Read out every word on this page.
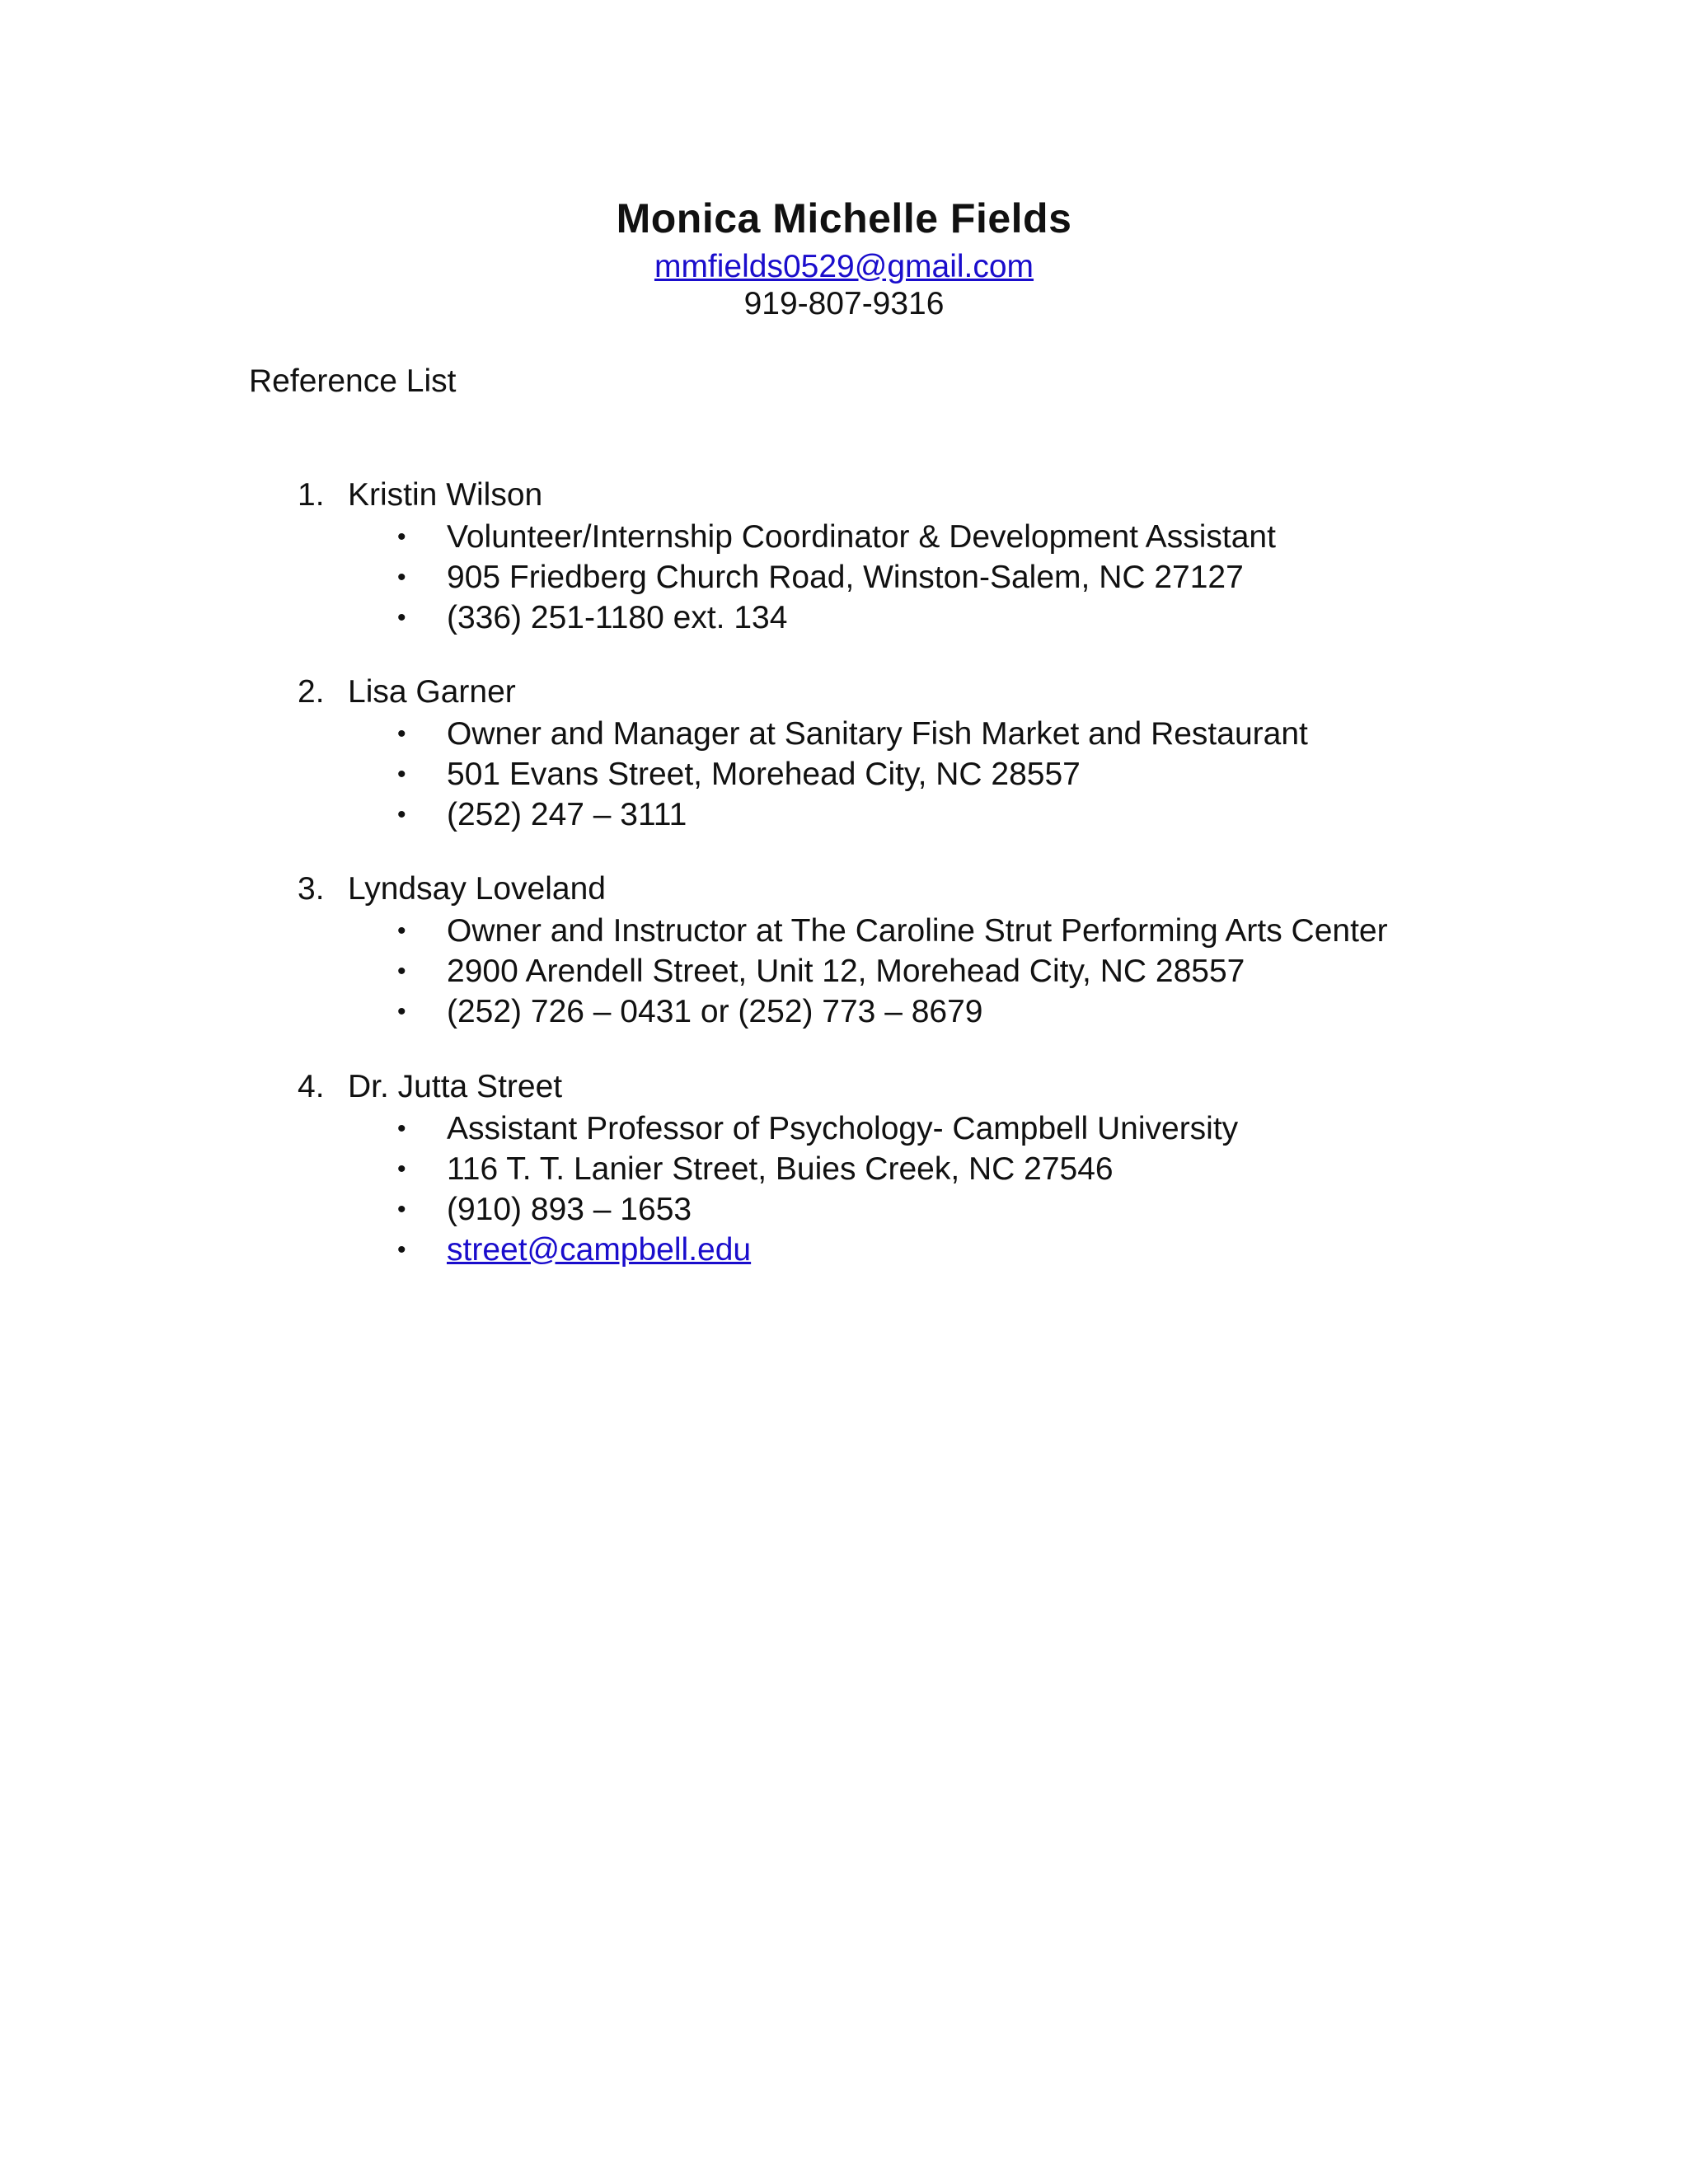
Monica Michelle Fields
mmfields0529@gmail.com
919-807-9316
Reference List
1. Kristin Wilson
• Volunteer/Internship Coordinator & Development Assistant
• 905 Friedberg Church Road, Winston-Salem, NC 27127
• (336) 251-1180 ext. 134
2. Lisa Garner
• Owner and Manager at Sanitary Fish Market and Restaurant
• 501 Evans Street, Morehead City, NC 28557
• (252) 247 – 3111
3. Lyndsay Loveland
• Owner and Instructor at The Caroline Strut Performing Arts Center
• 2900 Arendell Street, Unit 12, Morehead City, NC 28557
• (252) 726 – 0431 or (252) 773 – 8679
4. Dr. Jutta Street
• Assistant Professor of Psychology- Campbell University
• 116 T. T. Lanier Street, Buies Creek, NC 27546
• (910) 893 – 1653
• street@campbell.edu
